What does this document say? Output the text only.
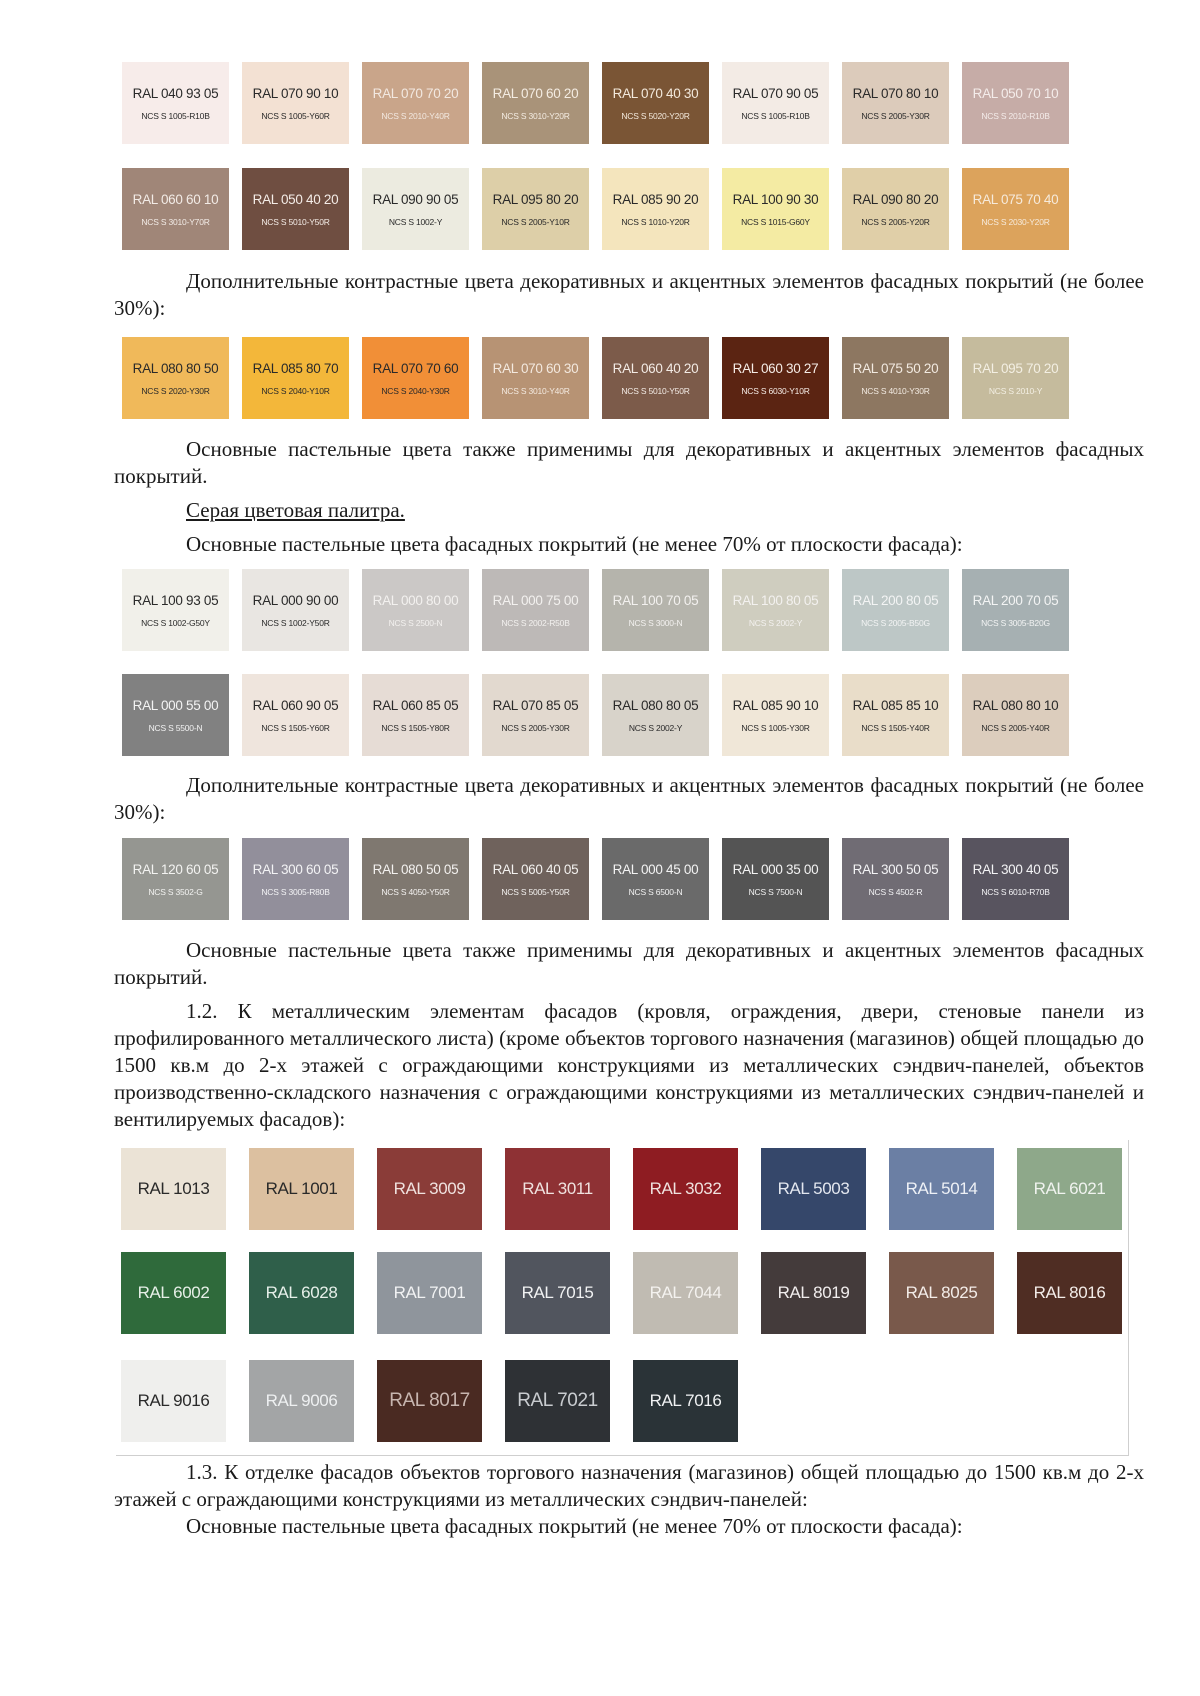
RAL 040 93 05
NCS S 1005-R10B
RAL 070 90 10
NCS S 1005-Y60R
RAL 070 70 20
NCS S 2010-Y40R
RAL 070 60 20
NCS S 3010-Y20R
RAL 070 40 30
NCS S 5020-Y20R
RAL 070 90 05
NCS S 1005-R10B
RAL 070 80 10
NCS S 2005-Y30R
RAL 050 70 10
NCS S 2010-R10B
RAL 060 60 10
NCS S 3010-Y70R
RAL 050 40 20
NCS S 5010-Y50R
RAL 090 90 05
NCS S 1002-Y
RAL 095 80 20
NCS S 2005-Y10R
RAL 085 90 20
NCS S 1010-Y20R
RAL 100 90 30
NCS S 1015-G60Y
RAL 090 80 20
NCS S 2005-Y20R
RAL 075 70 40
NCS S 2030-Y20R

Дополнительные контрастные цвета декоративных и акцентных элементов фасадных покрытий (не более 30%):

RAL 080 80 50
NCS S 2020-Y30R
RAL 085 80 70
NCS S 2040-Y10R
RAL 070 70 60
NCS S 2040-Y30R
RAL 070 60 30
NCS S 3010-Y40R
RAL 060 40 20
NCS S 5010-Y50R
RAL 060 30 27
NCS S 6030-Y10R
RAL 075 50 20
NCS S 4010-Y30R
RAL 095 70 20
NCS S 2010-Y

Основные пастельные цвета также применимы для декоративных и акцентных элементов фасадных покрытий.

Серая цветовая палитра.

Основные пастельные цвета фасадных покрытий (не менее 70% от плоскости фасада):

RAL 100 93 05
NCS S 1002-G50Y
RAL 000 90 00
NCS S 1002-Y50R
RAL 000 80 00
NCS S 2500-N
RAL 000 75 00
NCS S 2002-R50B
RAL 100 70 05
NCS S 3000-N
RAL 100 80 05
NCS S 2002-Y
RAL 200 80 05
NCS S 2005-B50G
RAL 200 70 05
NCS S 3005-B20G
RAL 000 55 00
NCS S 5500-N
RAL 060 90 05
NCS S 1505-Y60R
RAL 060 85 05
NCS S 1505-Y80R
RAL 070 85 05
NCS S 2005-Y30R
RAL 080 80 05
NCS S 2002-Y
RAL 085 90 10
NCS S 1005-Y30R
RAL 085 85 10
NCS S 1505-Y40R
RAL 080 80 10
NCS S 2005-Y40R

Дополнительные контрастные цвета декоративных и акцентных элементов фасадных покрытий (не более 30%):

RAL 120 60 05
NCS S 3502-G
RAL 300 60 05
NCS S 3005-R80B
RAL 080 50 05
NCS S 4050-Y50R
RAL 060 40 05
NCS S 5005-Y50R
RAL 000 45 00
NCS S 6500-N
RAL 000 35 00
NCS S 7500-N
RAL 300 50 05
NCS S 4502-R
RAL 300 40 05
NCS S 6010-R70B

Основные пастельные цвета также применимы для декоративных и акцентных элементов фасадных покрытий.

1.2. К металлическим элементам фасадов (кровля, ограждения, двери, стеновые панели из профилированного металлического листа) (кроме объектов торгового назначения (магазинов) общей площадью до 1500 кв.м до 2-х этажей с ограждающими конструкциями из металлических сэндвич-панелей, объектов производственно-складского назначения с ограждающими конструкциями из металлических сэндвич-панелей и вентилируемых фасадов):

RAL 1013	RAL 1001	RAL 3009	RAL 3011	RAL 3032	RAL 5003	RAL 5014	RAL 6021
RAL 6002	RAL 6028	RAL 7001	RAL 7015	RAL 7044	RAL 8019	RAL 8025	RAL 8016
RAL 9016	RAL 9006	RAL 8017	RAL 7021	RAL 7016

1.3. К отделке фасадов объектов торгового назначения (магазинов) общей площадью до 1500 кв.м до 2-х этажей с ограждающими конструкциями из металлических сэндвич-панелей:

Основные пастельные цвета фасадных покрытий (не менее 70% от плоскости фасада):
